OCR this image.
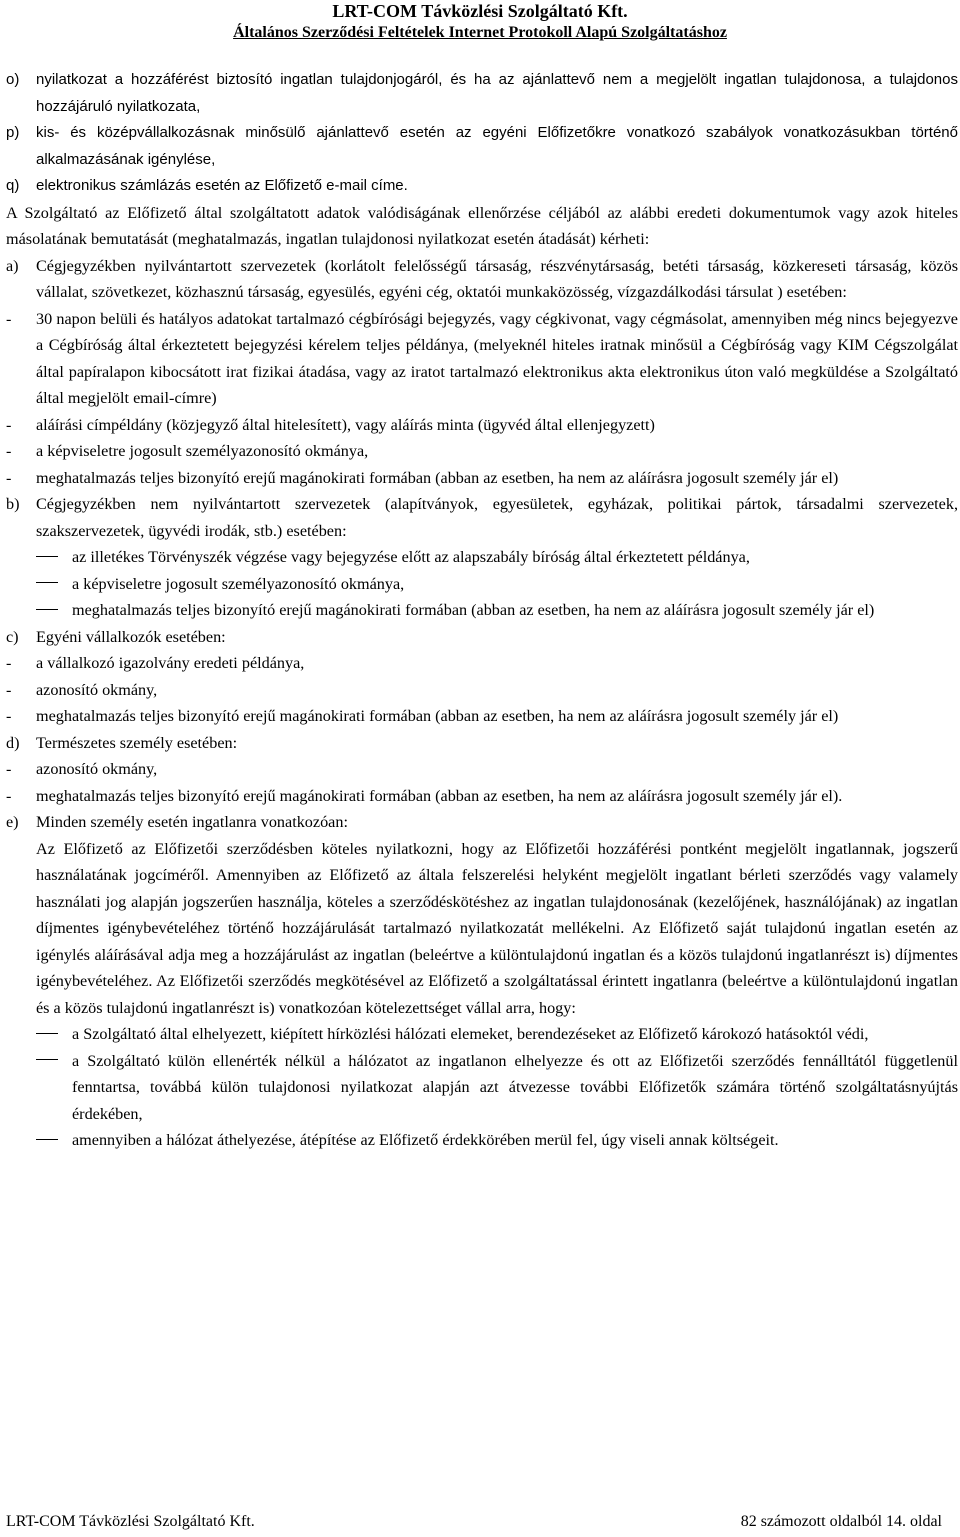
LRT-COM Távközlési Szolgáltató Kft.
Általános Szerződési Feltételek Internet Protokoll Alapú Szolgáltatáshoz
o)	nyilatkozat a hozzáférést biztosító ingatlan tulajdonjogáról, és ha az ajánlattevő nem a megjelölt ingatlan tulajdonosa, a tulajdonos hozzájáruló nyilatkozata,
p)	kis- és középvállalkozásnak minősülő ajánlattevő esetén az egyéni Előfizetőkre vonatkozó szabályok vonatkozásukban történő alkalmazásának igénylése,
q)	elektronikus számlázás esetén az Előfizető e-mail címe.

A Szolgáltató az Előfizető által szolgáltatott adatok valódiságának ellenőrzése céljából az alábbi eredeti dokumentumok vagy azok hiteles másolatának bemutatását (meghatalmazás, ingatlan tulajdonosi nyilatkozat esetén átadását) kérheti:

a)	Cégjegyzékben nyilvántartott szervezetek (korlátolt felelősségű társaság, részvénytársaság, betéti társaság, közkereseti társaság, közös vállalat, szövetkezet, közhasznú társaság, egyesülés, egyéni cég, oktatói munkaközösség, vízgazdálkodási társulat ) esetében:
-	30 napon belüli és hatályos adatokat tartalmazó cégbírósági bejegyzés, vagy cégkivonat, vagy cégmásolat, amennyiben még nincs bejegyezve a Cégbíróság által érkeztetett bejegyzési kérelem teljes példánya, (melyeknél hiteles iratnak minősül a Cégbíróság vagy KIM Cégszolgálat által papíralapon kibocsátott irat fizikai átadása, vagy az iratot tartalmazó elektronikus akta elektronikus úton való megküldése a Szolgáltató által megjelölt email-címre)
-	aláírási címpéldány (közjegyző által hitelesített), vagy aláírás minta (ügyvéd által ellenjegyzett)
-	a képviseletre jogosult személyazonosító okmánya,
-	meghatalmazás teljes bizonyító erejű magánokirati formában (abban az esetben, ha nem az aláírásra jogosult személy jár el)
b)	Cégjegyzékben nem nyilvántartott szervezetek (alapítványok, egyesületek, egyházak, politikai pártok, társadalmi szervezetek, szakszervezetek, ügyvédi irodák, stb.) esetében:
az illetékes Törvényszék végzése vagy bejegyzése előtt az alapszabály bíróság által érkeztetett példánya,
a képviseletre jogosult személyazonosító okmánya,
meghatalmazás teljes bizonyító erejű magánokirati formában (abban az esetben, ha nem az aláírásra jogosult személy jár el)
c)	Egyéni vállalkozók esetében:
-	a vállalkozó igazolvány eredeti példánya,
-	azonosító okmány,
-	meghatalmazás teljes bizonyító erejű magánokirati formában (abban az esetben, ha nem az aláírásra jogosult személy jár el)
d)	Természetes személy esetében:
-	azonosító okmány,
-	meghatalmazás teljes bizonyító erejű magánokirati formában (abban az esetben, ha nem az aláírásra jogosult személy jár el).
e)	Minden személy esetén ingatlanra vonatkozóan:

Az Előfizető az Előfizetői szerződésben köteles nyilatkozni, hogy az Előfizetői hozzáférési pontként megjelölt ingatlannak, jogszerű használatának jogcíméről. Amennyiben az Előfizető az általa felszerelési helyként megjelölt ingatlant bérleti szerződés vagy valamely használati jog alapján jogszerűen használja, köteles a szerződéskötéshez az ingatlan tulajdonosának (kezelőjének, használójának) az ingatlan díjmentes igénybevételéhez történő hozzájárulását tartalmazó nyilatkozatát mellékelni. Az Előfizető saját tulajdonú ingatlan esetén az igénylés aláírásával adja meg a hozzájárulást az ingatlan (beleértve a különtulajdonú ingatlan és a közös tulajdonú ingatlanrészt is) díjmentes igénybevételéhez. Az Előfizetői szerződés megkötésével az Előfizető a szolgáltatással érintett ingatlanra (beleértve a különtulajdonú ingatlan és a közös tulajdonú ingatlanrészt is) vonatkozóan kötelezettséget vállal arra, hogy:

a Szolgáltató által elhelyezett, kiépített hírközlési hálózati elemeket, berendezéseket az Előfizető károkozó hatásoktól védi,
a Szolgáltató külön ellenérték nélkül a hálózatot az ingatlanon elhelyezze és ott az Előfizetői szerződés fennálltától függetlenül fenntartsa, továbbá külön tulajdonosi nyilatkozat alapján azt átvezesse további Előfizetők számára történő szolgáltatásnyújtás érdekében,
amennyiben a hálózat áthelyezése, átépítése az Előfizető érdekkörében merül fel, úgy viseli annak költségeit.
LRT-COM Távközlési Szolgáltató Kft.	82 számozott oldalból 14. oldal
